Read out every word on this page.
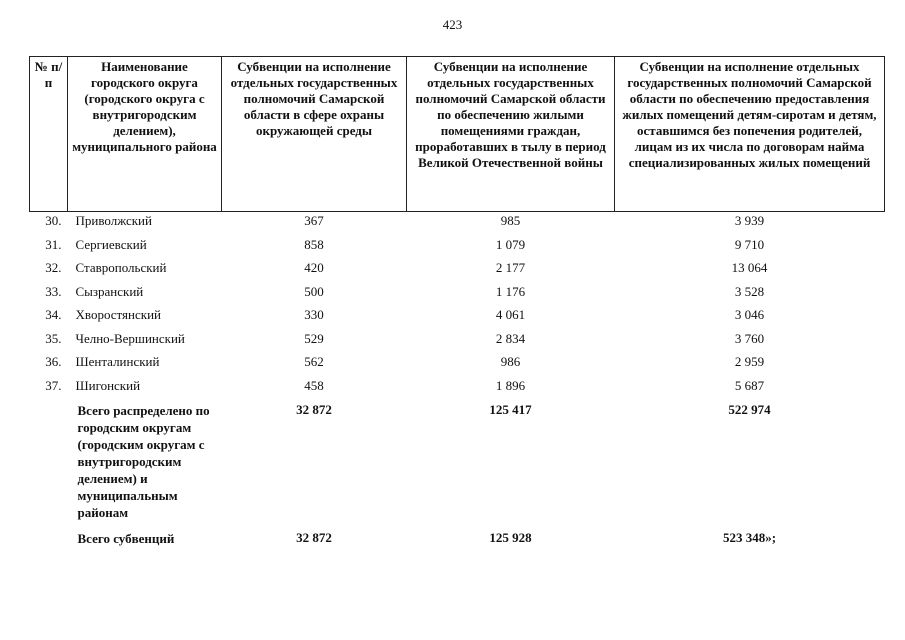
423
№ п/п	Наименование городского округа (городского округа с внутригородским делением), муниципального района	Субвенции на исполнение отдельных государственных полномочий Самарской области в сфере охраны окружающей среды	Субвенции на исполнение отдельных государственных полномочий Самарской области по обеспечению жилыми помещениями граждан, проработавших в тылу в период Великой Отечественной войны	Субвенции на исполнение отдельных государственных полномочий Самарской области по обеспечению предоставления жилых помещений детям-сиротам и детям, оставшимся без попечения родителей, лицам из их числа по договорам найма специализированных жилых помещений
30.	Приволжский	367	985	3 939
31.	Сергиевский	858	1 079	9 710
32.	Ставропольский	420	2 177	13 064
33.	Сызранский	500	1 176	3 528
34.	Хворостянский	330	4 061	3 046
35.	Челно-Вершинский	529	2 834	3 760
36.	Шенталинский	562	986	2 959
37.	Шигонский	458	1 896	5 687
	Всего распределено по городским округам (городским округам с внутригородским делением) и муниципальным районам	32 872	125 417	522 974
	Всего субвенций	32 872	125 928	523 348»;
